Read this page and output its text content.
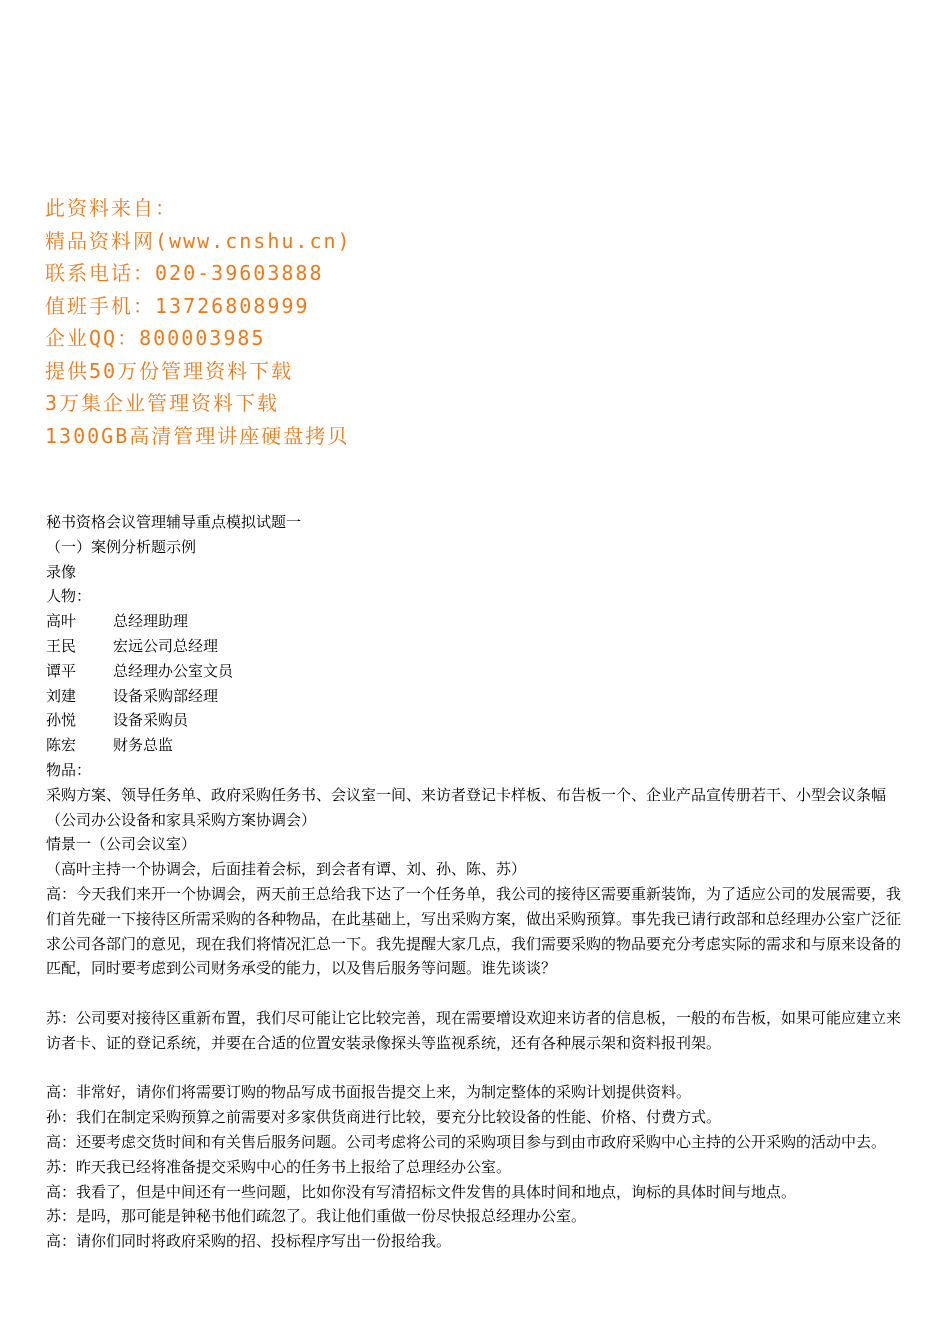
此资料来自：
精品资料网(www.cnshu.cn)
联系电话：020-39603888
值班手机：13726808999
企业QQ：800003985
提供50万份管理资料下载
3万集企业管理资料下载
1300GB高清管理讲座硬盘拷贝
秘书资格会议管理辅导重点模拟试题一
（一）案例分析题示例
录像
人物：
高叶	总经理助理
王民	宏远公司总经理
谭平	总经理办公室文员
刘建	设备采购部经理
孙悦	设备采购员
陈宏	财务总监
物品：
采购方案、领导任务单、政府采购任务书、会议室一间、来访者登记卡样板、布告板一个、企业产品宣传册若干、小型会议条幅（公司办公设备和家具采购方案协调会）
情景一（公司会议室）
（高叶主持一个协调会，后面挂着会标，到会者有谭、刘、孙、陈、苏）
高：今天我们来开一个协调会，两天前王总给我下达了一个任务单，我公司的接待区需要重新装饰，为了适应公司的发展需要，我们首先碰一下接待区所需采购的各种物品，在此基础上，写出采购方案，做出采购预算。事先我已请行政部和总经理办公室广泛征求公司各部门的意见，现在我们将情况汇总一下。我先提醒大家几点，我们需要采购的物品要充分考虑实际的需求和与原来设备的匹配，同时要考虑到公司财务承受的能力，以及售后服务等问题。谁先谈谈？
苏：公司要对接待区重新布置，我们尽可能让它比较完善，现在需要增设欢迎来访者的信息板，一般的布告板，如果可能应建立来访者卡、证的登记系统，并要在合适的位置安装录像探头等监视系统，还有各种展示架和资料报刊架。
高：非常好，请你们将需要订购的物品写成书面报告提交上来，为制定整体的采购计划提供资料。
孙：我们在制定采购预算之前需要对多家供货商进行比较，要充分比较设备的性能、价格、付费方式。
高：还要考虑交货时间和有关售后服务问题。公司考虑将公司的采购项目参与到由市政府采购中心主持的公开采购的活动中去。
苏：昨天我已经将准备提交采购中心的任务书上报给了总理经办公室。
高：我看了，但是中间还有一些问题，比如你没有写清招标文件发售的具体时间和地点，询标的具体时间与地点。
苏：是吗，那可能是钟秘书他们疏忽了。我让他们重做一份尽快报总经理办公室。
高：请你们同时将政府采购的招、投标程序写出一份报给我。
